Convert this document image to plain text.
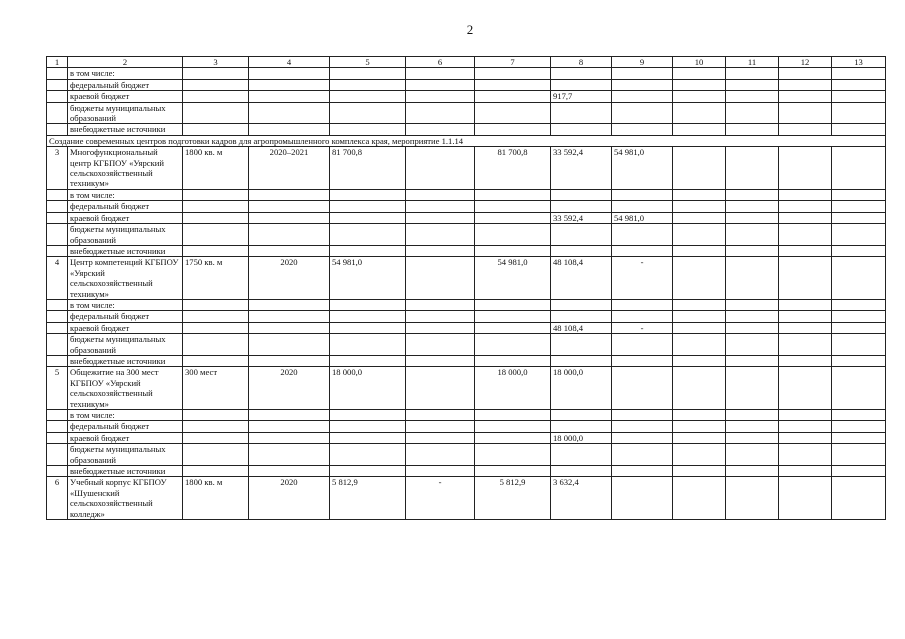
2
1	2	3	4	5	6	7	8	9	10	11	12	13
	в том числе:											
	федеральный бюджет											
	краевой бюджет						917,7					
	бюджеты муниципальных образований											
	внебюджетные источники											
Создание современных центров подготовки кадров для агропромышленного комплекса края, мероприятие 1.1.14												
3	Многофункциональный центр КГБПОУ «Уярский сельскохозяйственный техникум»	1800 кв. м	2020–2021	81 700,8		81 700,8	33 592,4	54 981,0				
	в том числе:											
	федеральный бюджет											
	краевой бюджет						33 592,4	54 981,0				
	бюджеты муниципальных образований											
	внебюджетные источники											
4	Центр компетенций КГБПОУ «Уярский сельскохозяйственный техникум»	1750 кв. м	2020	54 981,0		54 981,0	48 108,4	-				
	в том числе:											
	федеральный бюджет											
	краевой бюджет						48 108,4	-				
	бюджеты муниципальных образований											
	внебюджетные источники											
5	Общежитие на 300 мест КГБПОУ «Уярский сельскохозяйственный техникум»	300 мест	2020	18 000,0		18 000,0	18 000,0					
	в том числе:											
	федеральный бюджет											
	краевой бюджет						18 000,0					
	бюджеты муниципальных образований											
	внебюджетные источники											
6	Учебный корпус КГБПОУ «Шушенский сельскохозяйственный колледж»	1800 кв. м	2020	5 812,9	-	5 812,9	3 632,4					
